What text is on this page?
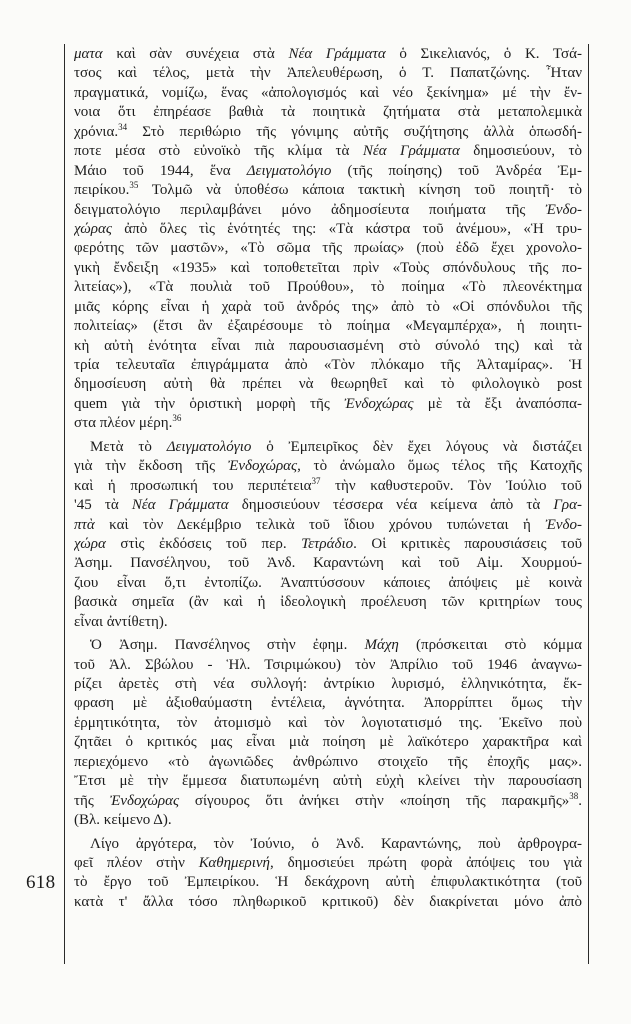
618
ματα καὶ σὰν συνέχεια στὰ Νέα Γράμματα ὁ Σικελιανός, ὁ Κ. Τσά-
τσος καὶ τέλος, μετὰ τὴν Ἀπελευθέρωση, ὁ Τ. Παπατζώνης. Ἦταν
πραγματικά, νομίζω, ἕνας «ἀπολογισμός καὶ νέο ξεκίνημα» μέ τὴν ἔν-
νοια ὅτι ἐπηρέασε βαθιὰ τὰ ποιητικὰ ζητήματα στὰ μεταπολεμικὰ
χρόνια.$^{34}$ Στὸ περιθώριο τῆς γόνιμης αὐτῆς συζήτησης ἀλλὰ ὁπωσδή-
ποτε μέσα στὸ εὐνοϊκὸ τῆς κλίμα τὰ Νέα Γράμματα δημοσιεύουν, τὸ
Μάιο τοῦ 1944, ἕνα Δειγματολόγιο (τῆς ποίησης) τοῦ Ἀνδρέα Ἐμ-
πειρίκου.$^{35}$ Τολμῶ νὰ ὑποθέσω κάποια τακτικὴ κίνηση τοῦ ποιητῆ· τὸ
δειγματολόγιο περιλαμβάνει μόνο ἀδημοσίευτα ποιήματα τῆς Ἐνδο-
χώρας ἀπὸ ὅλες τὶς ἑνότητές της: «Τὰ κάστρα τοῦ ἀνέμου», «Ἡ τρυ-
φερότης τῶν μαστῶν», «Τὸ σῶμα τῆς πρωίας» (ποὺ ἐδῶ ἔχει χρονολο-
γικὴ ἔνδειξη «1935» καὶ τοποθετεῖται πρὶν «Τοὺς σπόνδυλους τῆς πο-
λιτείας»), «Τὰ πουλιὰ τοῦ Προύθου», τὸ ποίημα «Τὸ πλεονέκτημα
μιᾶς κόρης εἶναι ἡ χαρὰ τοῦ ἀνδρός της» ἀπὸ τὸ «Οἱ σπόνδυλοι τῆς
πολιτείας» (ἔτσι ἂν ἐξαιρέσουμε τὸ ποίημα «Μεγαμπέρχα», ἡ ποιητι-
κὴ αὐτὴ ἑνότητα εἶναι πιὰ παρουσιασμένη στὸ σύνολό της) καὶ τὰ
τρία τελευταῖα ἐπιγράμματα ἀπὸ «Τὸν πλόκαμο τῆς Ἀλταμίρας». Ἡ
δημοσίευση αὐτὴ θὰ πρέπει νὰ θεωρηθεῖ καὶ τὸ φιλολογικὸ post
quem γιὰ τὴν ὁριστικὴ μορφὴ τῆς Ἐνδοχώρας μὲ τὰ ἔξι ἀναπόσπα-
στα πλέον μέρη.$^{36}$
Μετὰ τὸ Δειγματολόγιο ὁ Ἐμπειρῖκος δὲν ἔχει λόγους νὰ διστάζει
γιὰ τὴν ἔκδοση τῆς Ἐνδοχώρας, τὸ ἀνώμαλο ὅμως τέλος τῆς Κατοχῆς
καὶ ἡ προσωπική του περιπέτεια$^{37}$ τὴν καθυστεροῦν. Τὸν Ἰούλιο τοῦ
'45 τὰ Νέα Γράμματα δημοσιεύουν τέσσερα νέα κείμενα ἀπὸ τὰ Γρα-
πτὰ καὶ τὸν Δεκέμβριο τελικὰ τοῦ ἴδιου χρόνου τυπώνεται ἡ Ἐνδο-
χώρα στὶς ἐκδόσεις τοῦ περ. Τετράδιο. Οἱ κριτικὲς παρουσιάσεις τοῦ
Ἀσημ. Πανσέληνου, τοῦ Ἀνδ. Καραντώνη καὶ τοῦ Αἰμ. Χουρμού-
ζιου εἶναι ὅ,τι ἐντοπίζω. Ἀναπτύσσουν κάποιες ἀπόψεις μὲ κοινὰ
βασικὰ σημεῖα (ἂν καὶ ἡ ἰδεολογικὴ προέλευση τῶν κριτηρίων τους
εἶναι ἀντίθετη).
Ὁ Ἀσημ. Πανσέληνος στὴν ἐφημ. Μάχη (πρόσκειται στὸ κόμμα
τοῦ Ἀλ. Σβώλου - Ἡλ. Τσιριμώκου) τὸν Ἀπρίλιο τοῦ 1946 ἀναγνω-
ρίζει ἀρετὲς στὴ νέα συλλογή: ἀντρίκιο λυρισμό, ἑλληνικότητα, ἔκ-
φραση μὲ ἀξιοθαύμαστη ἐντέλεια, ἁγνότητα. Ἀπορρίπτει ὅμως τὴν
ἑρμητικότητα, τὸν ἀτομισμὸ καὶ τὸν λογιοτατισμό της. Ἐκεῖνο ποὺ
ζητᾶει ὁ κριτικός μας εἶναι μιὰ ποίηση μὲ λαϊκότερο χαρακτῆρα καὶ
περιεχόμενο «τὸ ἀγωνιῶδες ἀνθρώπινο στοιχεῖο τῆς ἐποχῆς μας».
Ἔτσι μὲ τὴν ἔμμεσα διατυπωμένη αὐτὴ εὐχὴ κλείνει τὴν παρουσίαση
τῆς Ἐνδοχώρας σίγουρος ὅτι ἀνήκει στὴν «ποίηση τῆς παρακμῆς»$^{38}$.
(Βλ. κείμενο Δ).
Λίγο ἀργότερα, τὸν Ἰούνιο, ὁ Ἀνδ. Καραντώνης, ποὺ ἀρθρογρα-
φεῖ πλέον στὴν Καθημερινή, δημοσιεύει πρώτη φορὰ ἀπόψεις του γιὰ
τὸ ἔργο τοῦ Ἐμπειρίκου. Ἡ δεκάχρονη αὐτὴ ἐπιφυλακτικότητα (τοῦ
κατὰ τ' ἄλλα τόσο πληθωρικοῦ κριτικοῦ) δὲν διακρίνεται μόνο ἀπὸ
